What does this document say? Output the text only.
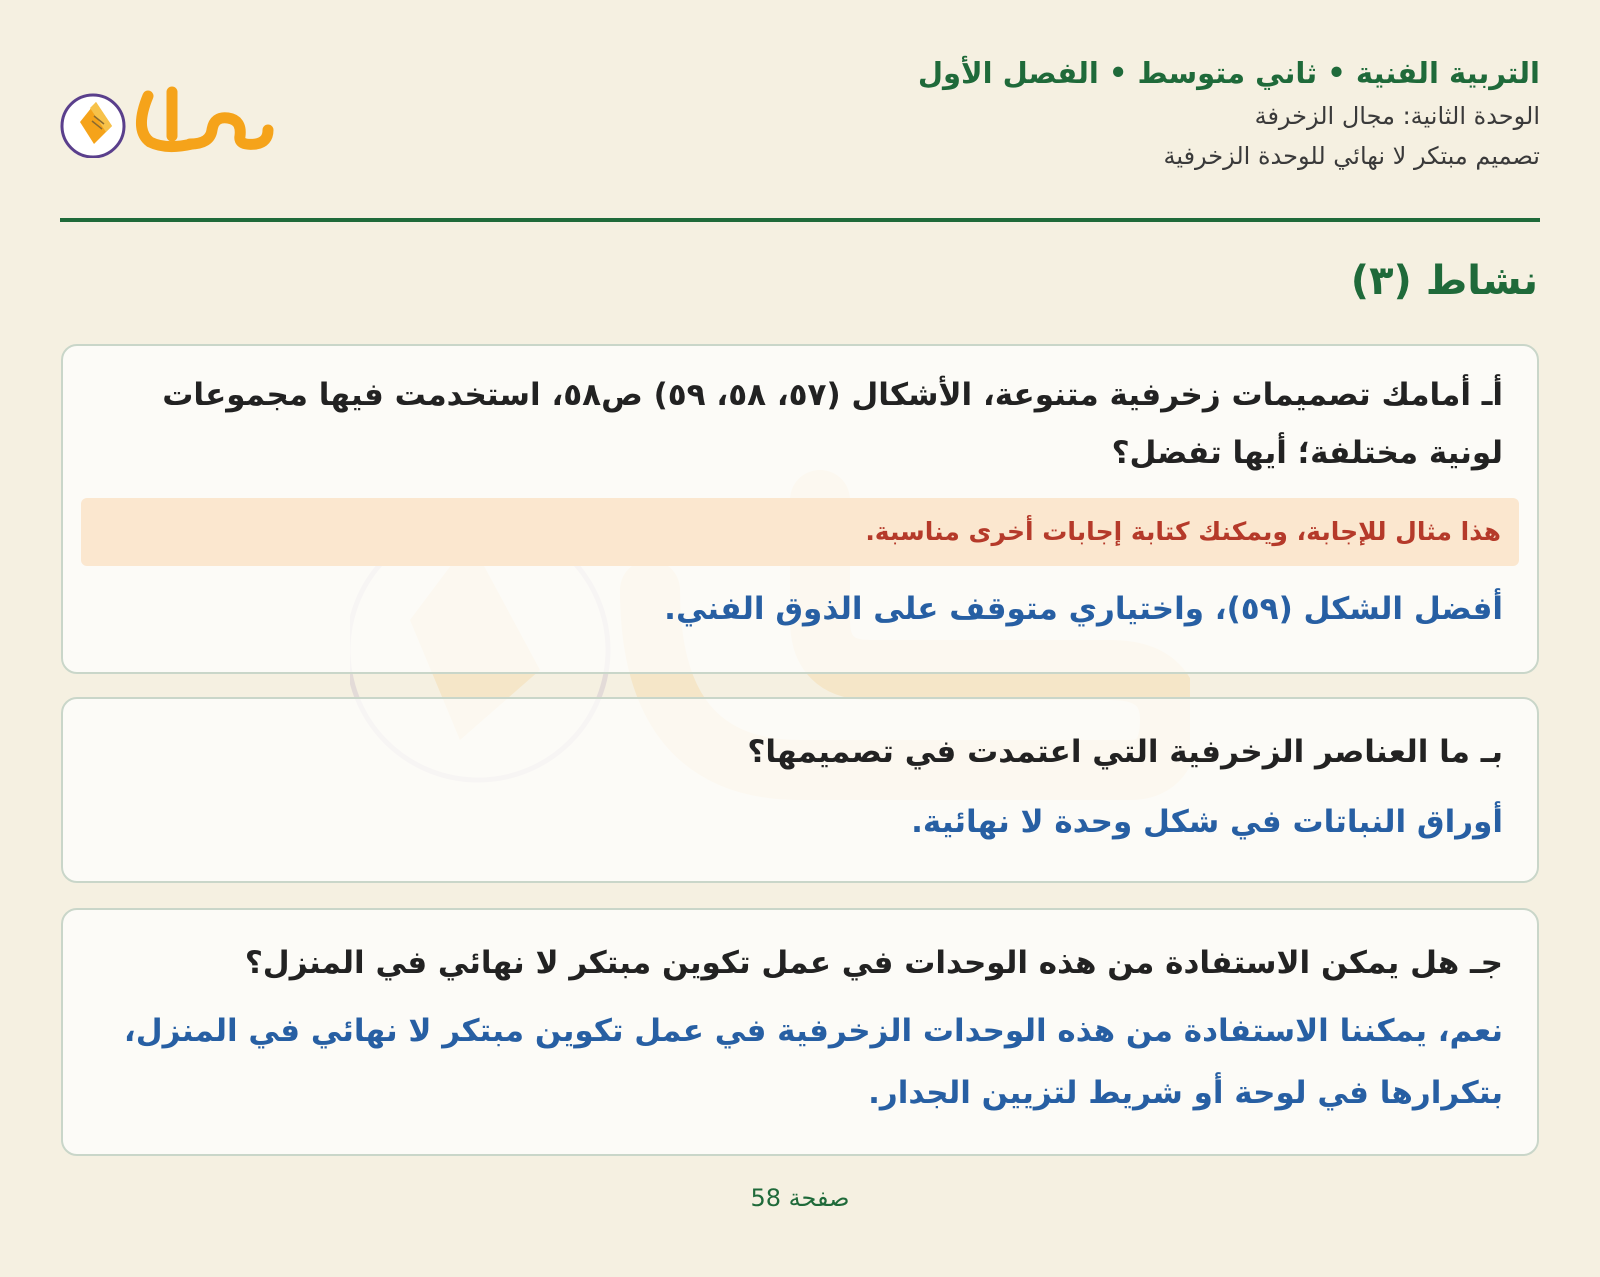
التربية الفنية • ثاني متوسط • الفصل الأول
الوحدة الثانية: مجال الزخرفة
تصميم مبتكر لا نهائي للوحدة الزخرفية
نشاط (٣)

أـ أمامك تصميمات زخرفية متنوعة، الأشكال (٥٧، ٥٨، ٥٩) ص٥٨، استخدمت فيها مجموعات لونية مختلفة؛ أيها تفضل؟

هذا مثال للإجابة، ويمكنك كتابة إجابات أخرى مناسبة.

أفضل الشكل (٥٩)، واختياري متوقف على الذوق الفني.

بـ ما العناصر الزخرفية التي اعتمدت في تصميمها؟

أوراق النباتات في شكل وحدة لا نهائية.

جـ هل يمكن الاستفادة من هذه الوحدات في عمل تكوين مبتكر لا نهائي في المنزل؟

نعم، يمكننا الاستفادة من هذه الوحدات الزخرفية في عمل تكوين مبتكر لا نهائي في المنزل، بتكرارها في لوحة أو شريط لتزيين الجدار.

صفحة 58
